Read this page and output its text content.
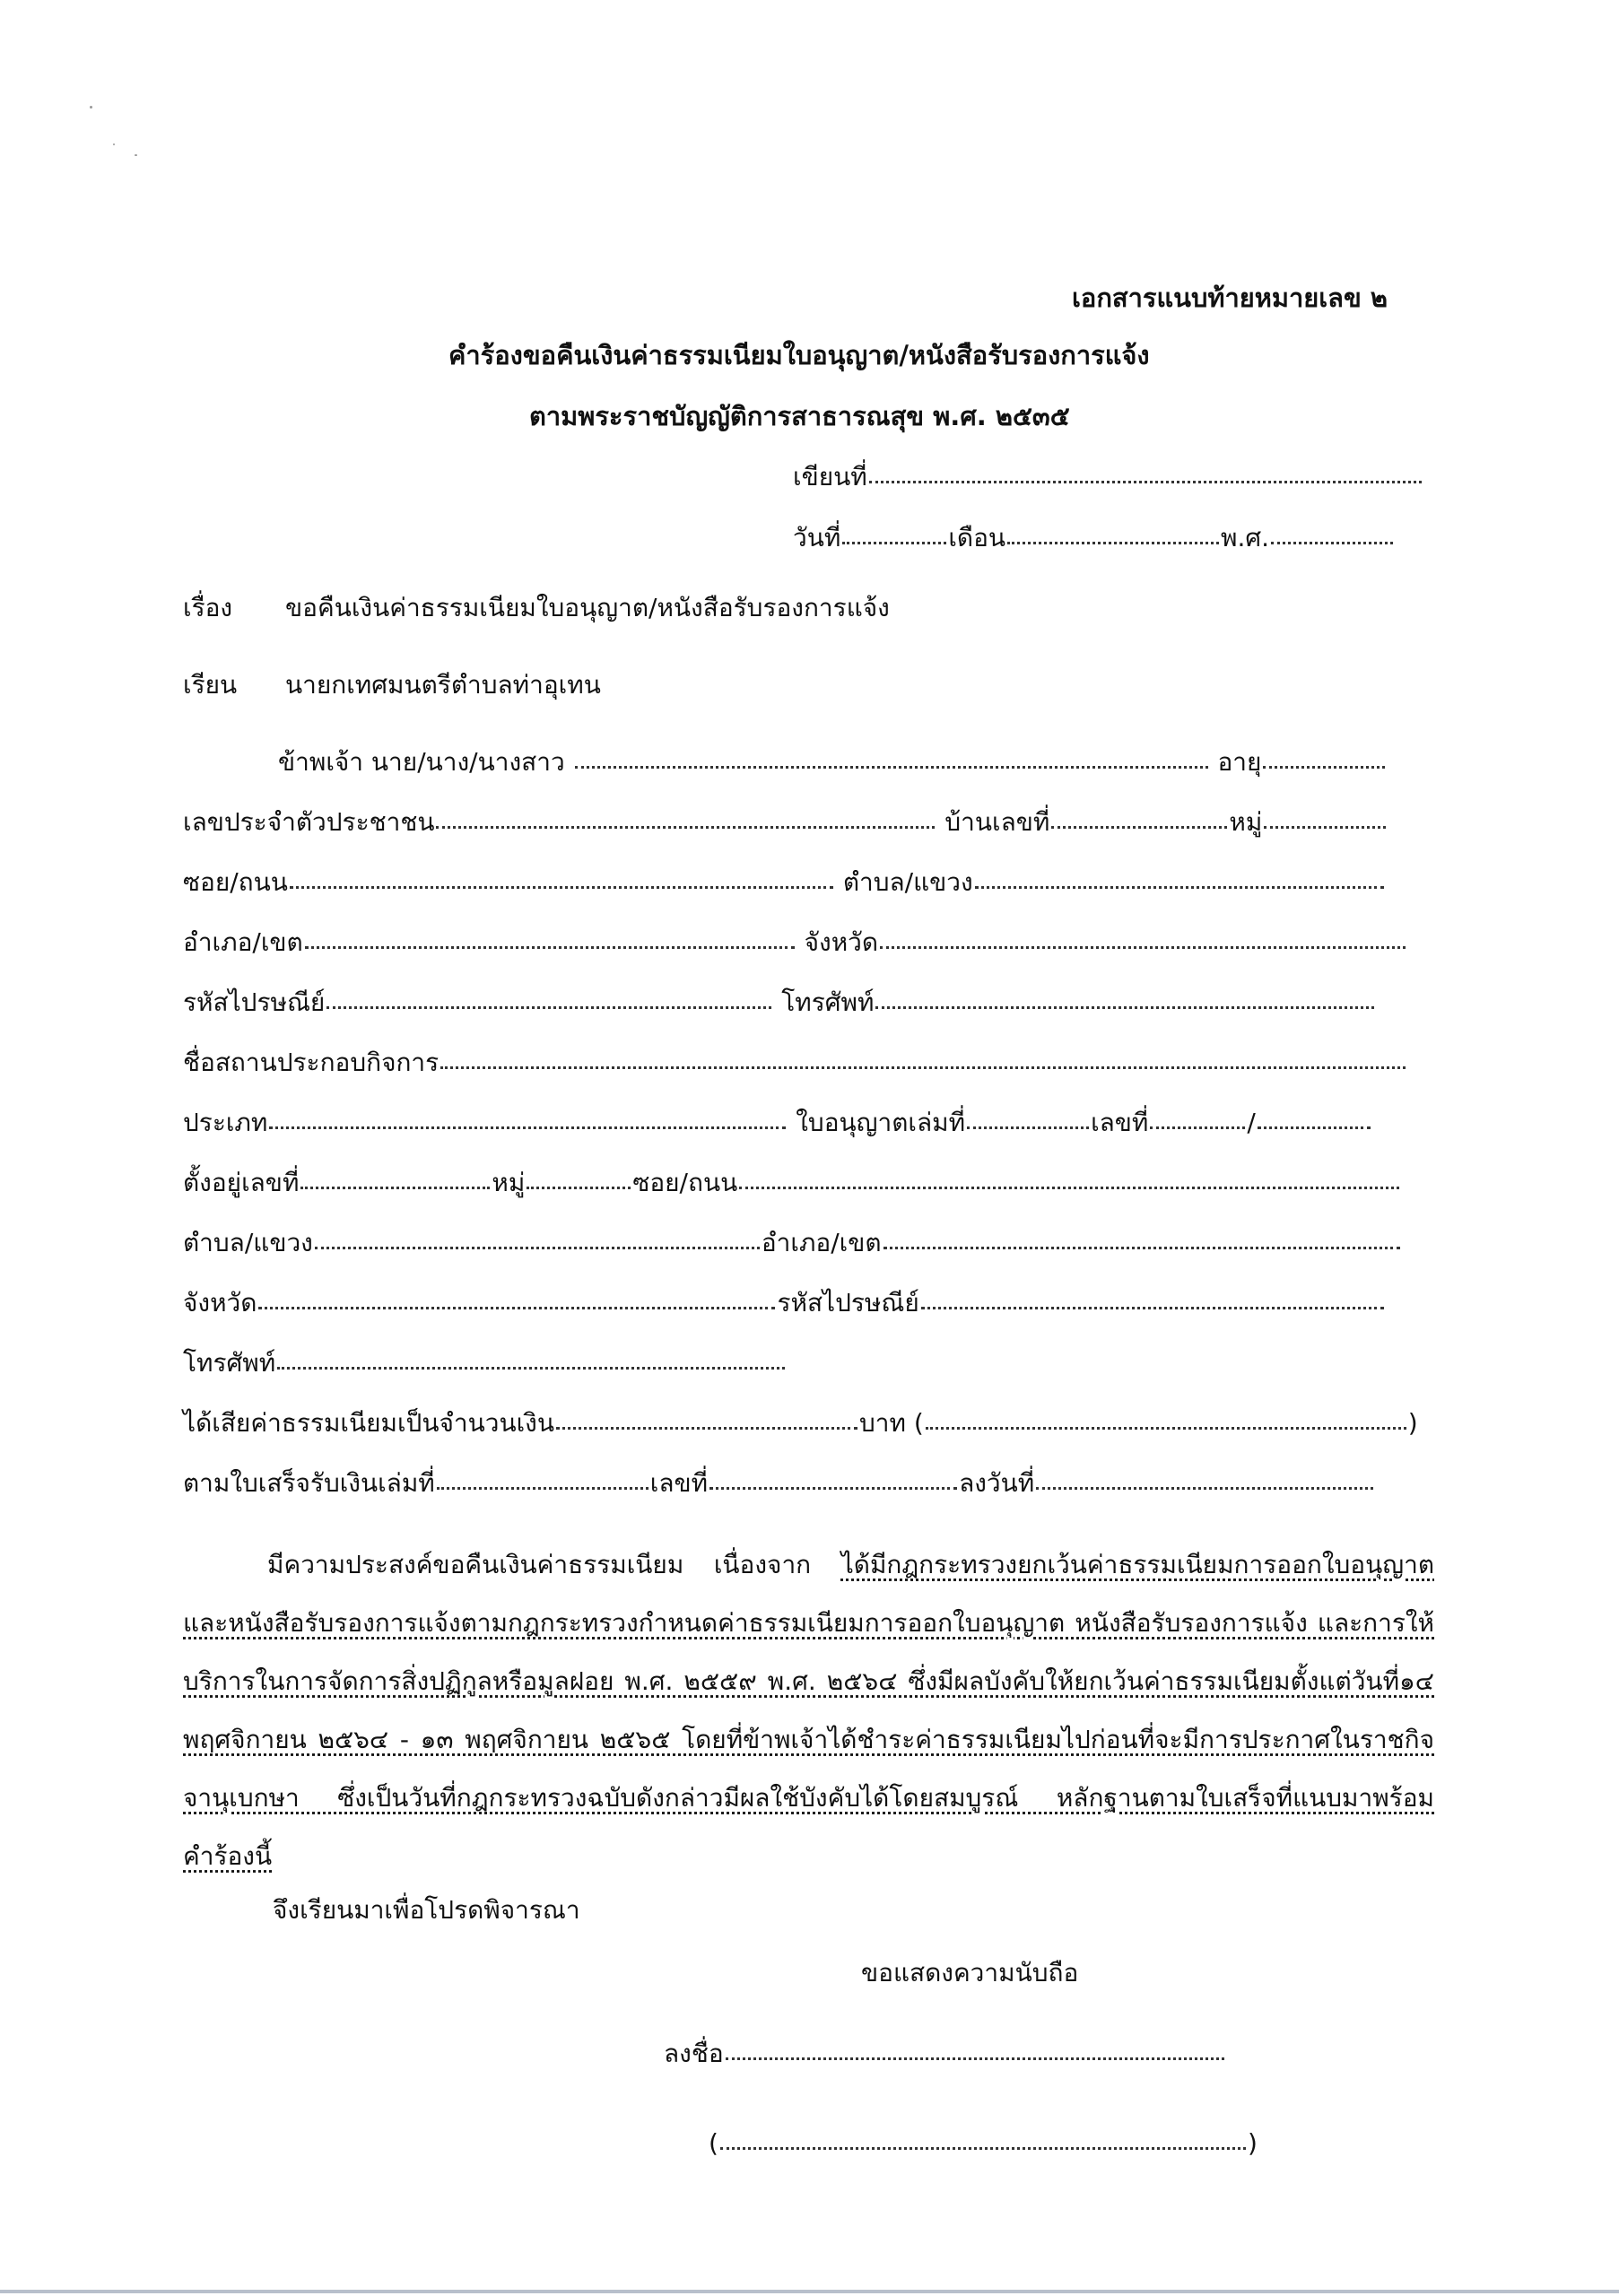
เอกสารแนบท้ายหมายเลข ๒
คำร้องขอคืนเงินค่าธรรมเนียมใบอนุญาต/หนังสือรับรองการแจ้ง
ตามพระราชบัญญัติการสาธารณสุข พ.ศ. ๒๕๓๕
เขียนที่
วันที่	เดือน	พ.ศ.
เรื่อง ขอคืนเงินค่าธรรมเนียมใบอนุญาต/หนังสือรับรองการแจ้ง
เรียน นายกเทศมนตรีตำบลท่าอุเทน
ข้าพเจ้า นาย/นาง/นางสาว	อายุ
เลขประจำตัวประชาชน	บ้านเลขที่	หมู่
ซอย/ถนน	ตำบล/แขวง
อำเภอ/เขต	จังหวัด
รหัสไปรษณีย์	โทรศัพท์
ชื่อสถานประกอบกิจการ
ประเภท	ใบอนุญาตเล่มที่	เลขที่	/
ตั้งอยู่เลขที่	หมู่	ซอย/ถนน
ตำบล/แขวง	อำเภอ/เขต
จังหวัด	รหัสไปรษณีย์
โทรศัพท์
ได้เสียค่าธรรมเนียมเป็นจำนวนเงิน	บาท (	)
ตามใบเสร็จรับเงินเล่มที่	เลขที่	ลงวันที่
มีความประสงค์ขอคืนเงินค่าธรรมเนียม เนื่องจาก ได้มีกฎกระทรวงยกเว้นค่าธรรมเนียมการออกใบอนุญาต และหนังสือรับรองการแจ้งตามกฎกระทรวงกำหนดค่าธรรมเนียมการออกใบอนุญาต หนังสือรับรองการแจ้ง และการให้บริการในการจัดการสิ่งปฏิกูลหรือมูลฝอย พ.ศ. ๒๕๕๙ พ.ศ. ๒๕๖๔ ซึ่งมีผลบังคับให้ยกเว้นค่าธรรมเนียมตั้งแต่วันที่๑๔ พฤศจิกายน ๒๕๖๔ - ๑๓ พฤศจิกายน ๒๕๖๕ โดยที่ข้าพเจ้าได้ชำระค่าธรรมเนียมไปก่อนที่จะมีการประกาศในราชกิจจานุเบกษา ซึ่งเป็นวันที่กฎกระทรวงฉบับดังกล่าวมีผลใช้บังคับได้โดยสมบูรณ์ หลักฐานตามใบเสร็จที่แนบมาพร้อมคำร้องนี้
จึงเรียนมาเพื่อโปรดพิจารณา
ขอแสดงความนับถือ
ลงชื่อ
(	)
